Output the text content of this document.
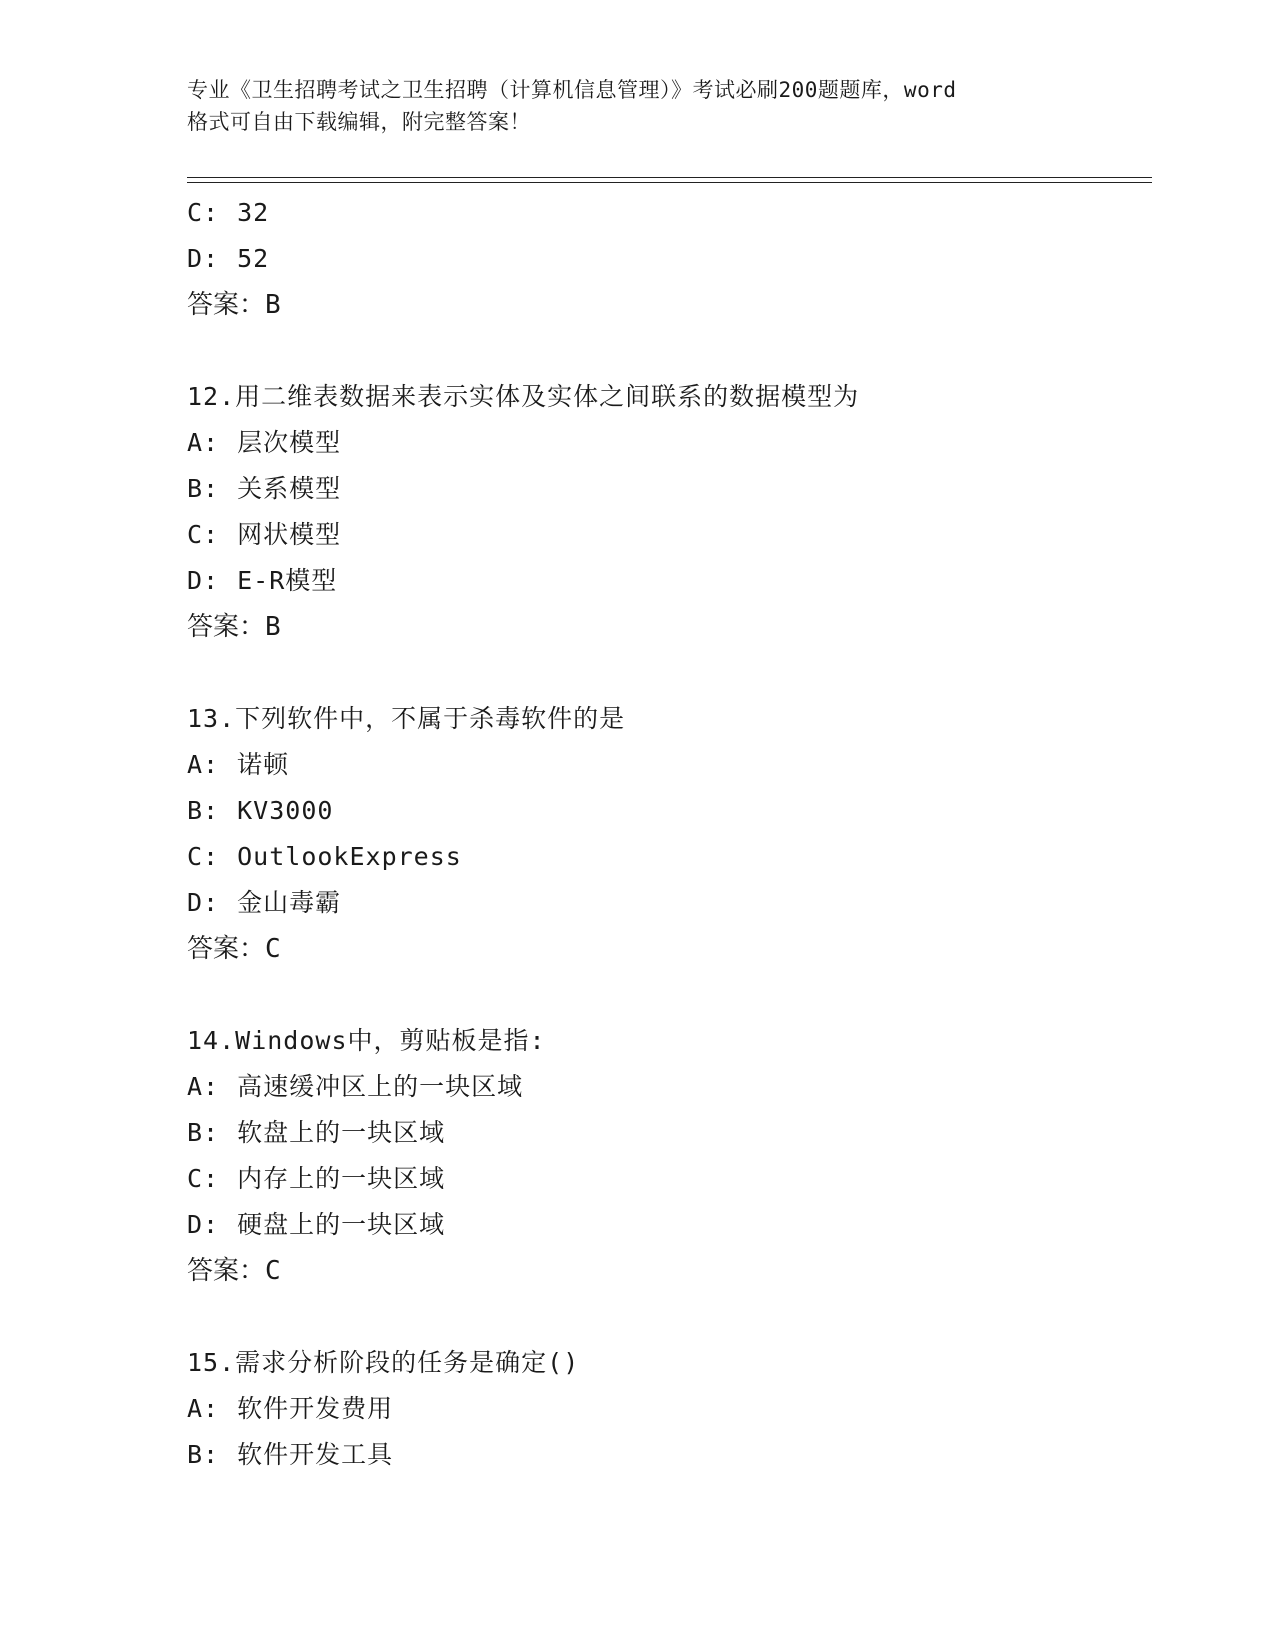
专业《卫生招聘考试之卫生招聘（计算机信息管理）》考试必刷200题题库，word
格式可自由下载编辑，附完整答案！
C: 32
D: 52
答案：B
12.用二维表数据来表示实体及实体之间联系的数据模型为
A: 层次模型
B: 关系模型
C: 网状模型
D: E-R模型
答案：B
13.下列软件中，不属于杀毒软件的是
A: 诺顿
B: KV3000
C: OutlookExpress
D: 金山毒霸
答案：C
14.Windows中，剪贴板是指:
A: 高速缓冲区上的一块区域
B: 软盘上的一块区域
C: 内存上的一块区域
D: 硬盘上的一块区域
答案：C
15.需求分析阶段的任务是确定()
A: 软件开发费用
B: 软件开发工具
